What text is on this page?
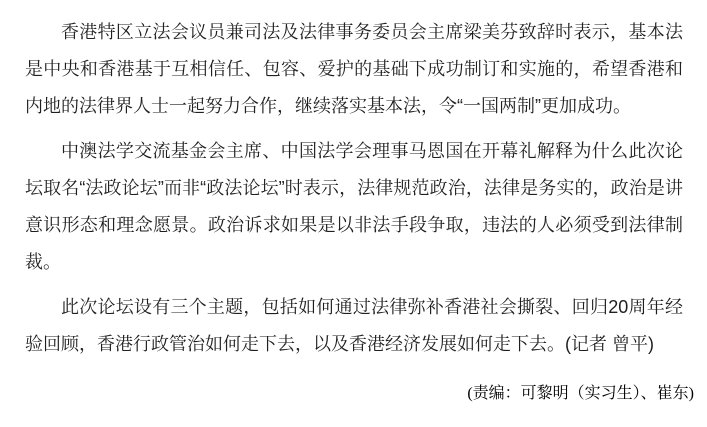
香港特区立法会议员兼司法及法律事务委员会主席梁美芬致辞时表示，基本法是中央和香港基于互相信任、包容、爱护的基础下成功制订和实施的，希望香港和内地的法律界人士一起努力合作，继续落实基本法，令“一国两制”更加成功。

中澳法学交流基金会主席、中国法学会理事马恩国在开幕礼解释为什么此次论坛取名“法政论坛”而非“政法论坛”时表示，法律规范政治，法律是务实的，政治是讲意识形态和理念愿景。政治诉求如果是以非法手段争取，违法的人必须受到法律制裁。

此次论坛设有三个主题，包括如何通过法律弥补香港社会撕裂、回归20周年经验回顾，香港行政管治如何走下去，以及香港经济发展如何走下去。(记者 曾平)

(责编：可黎明（实习生）、崔东)
